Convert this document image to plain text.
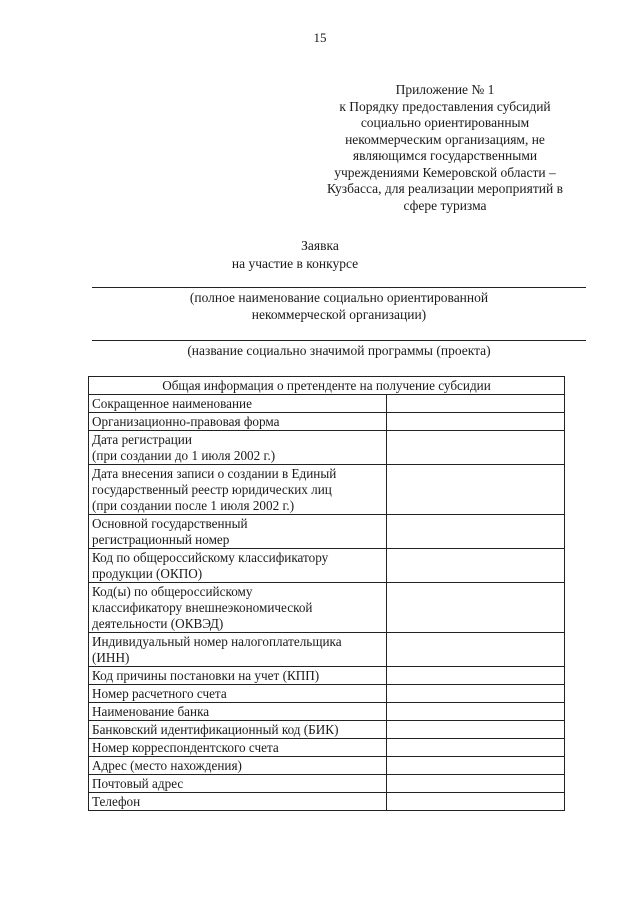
15
Приложение № 1
к Порядку предоставления субсидий
социально ориентированным
некоммерческим организациям, не
являющимся государственными
учреждениями Кемеровской области –
Кузбасса, для реализации мероприятий в
сфере туризма
Заявка
на участие в конкурсе
(полное наименование социально ориентированной
некоммерческой организации)
(название социально значимой программы (проекта)
Общая информация о претенденте на получение субсидии	

Сокращенное наименование	

Организационно-правовая форма	

Дата регистрации
(при создании до 1 июля 2002 г.)	

Дата внесения записи о создании в Единый
государственный реестр юридических лиц
(при создании после 1 июля 2002 г.)	

Основной государственный
регистрационный номер	

Код по общероссийскому классификатору
продукции (ОКПО)	

Код(ы) по общероссийскому
классификатору внешнеэкономической
деятельности (ОКВЭД)	

Индивидуальный номер налогоплательщика
(ИНН)	

Код причины постановки на учет (КПП)	

Номер расчетного счета	

Наименование банка	

Банковский идентификационный код (БИК)	

Номер корреспондентского счета	

Адрес (место нахождения)	

Почтовый адрес	

Телефон	
